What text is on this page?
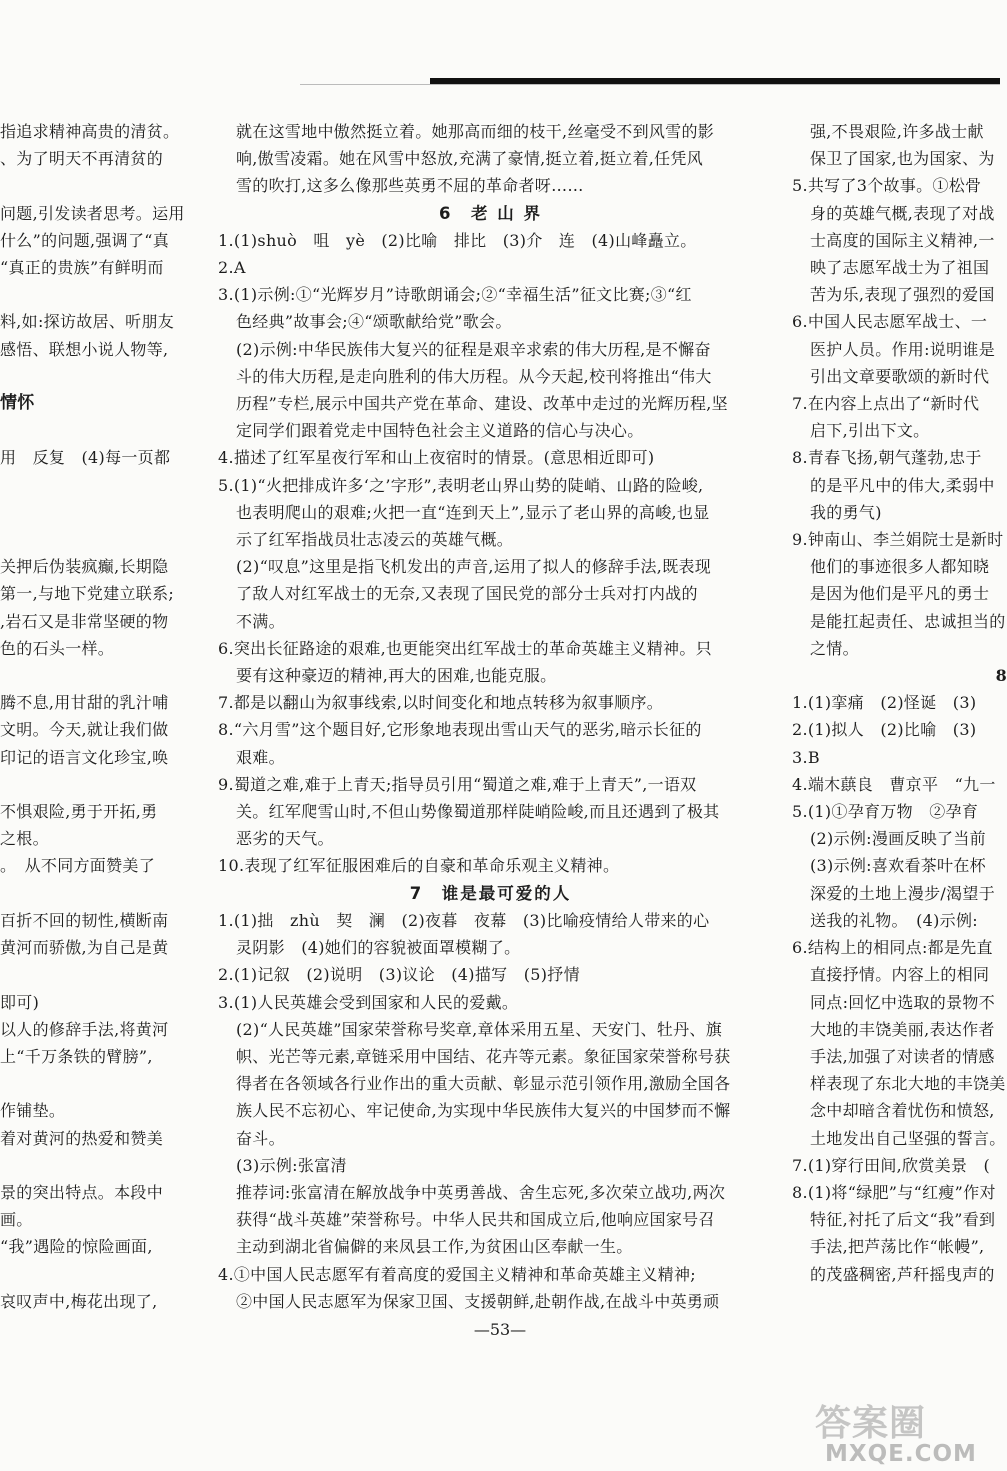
指追求精神高贵的清贫。
、为了明天不再清贫的

问题,引发读者思考。运用
什么”的问题,强调了“真
“真正的贵族”有鲜明而

料,如:探访故居、听朋友
感悟、联想小说人物等,

情怀

用　反复　(4)每一页都

关押后伪装疯癫,长期隐
第一,与地下党建立联系;
,岩石又是非常坚硬的物
色的石头一样。

腾不息,用甘甜的乳汁哺
文明。今天,就让我们做
印记的语言文化珍宝,唤

不惧艰险,勇于开拓,勇
之根。
。　从不同方面赞美了

百折不回的韧性,横断南
黄河而骄傲,为自己是黄

即可)
以人的修辞手法,将黄河
上“千万条铁的臂膀”,

作铺垫。
着对黄河的热爱和赞美

景的突出特点。本段中
画。
“我”遇险的惊险画面,

哀叹声中,梅花出现了,
就在这雪地中傲然挺立着。她那高而细的枝干,丝毫受不到风雪的影
响,傲雪凌霜。她在风雪中怒放,充满了豪情,挺立着,挺立着,任凭风
雪的吹打,这多么像那些英勇不屈的革命者呀……
6　老 山 界
1.(1)shuò　咀　yè　(2)比喻　排比　(3)介　连　(4)山峰矗立。
2.A
3.(1)示例:①“光辉岁月”诗歌朗诵会;②“幸福生活”征文比赛;③“红
色经典”故事会;④“颂歌献给党”歌会。
(2)示例:中华民族伟大复兴的征程是艰辛求索的伟大历程,是不懈奋
斗的伟大历程,是走向胜利的伟大历程。从今天起,校刊将推出“伟大
历程”专栏,展示中国共产党在革命、建设、改革中走过的光辉历程,坚
定同学们跟着党走中国特色社会主义道路的信心与决心。
4.描述了红军星夜行军和山上夜宿时的情景。(意思相近即可)
5.(1)“火把排成许多‘之’字形”,表明老山界山势的陡峭、山路的险峻,
也表明爬山的艰难;火把一直“连到天上”,显示了老山界的高峻,也显
示了红军指战员壮志凌云的英雄气概。
(2)“叹息”这里是指飞机发出的声音,运用了拟人的修辞手法,既表现
了敌人对红军战士的无奈,又表现了国民党的部分士兵对打内战的
不满。
6.突出长征路途的艰难,也更能突出红军战士的革命英雄主义精神。只
要有这种豪迈的精神,再大的困难,也能克服。
7.都是以翻山为叙事线索,以时间变化和地点转移为叙事顺序。
8.“六月雪”这个题目好,它形象地表现出雪山天气的恶劣,暗示长征的
艰难。
9.蜀道之难,难于上青天;指导员引用“蜀道之难,难于上青天”,一语双
关。红军爬雪山时,不但山势像蜀道那样陡峭险峻,而且还遇到了极其
恶劣的天气。
10.表现了红军征服困难后的自豪和革命乐观主义精神。
7　谁是最可爱的人
1.(1)拙　zhù　契　澜　(2)夜暮　夜幕　(3)比喻疫情给人带来的心
灵阴影　(4)她们的容貌被面罩模糊了。
2.(1)记叙　(2)说明　(3)议论　(4)描写　(5)抒情
3.(1)人民英雄会受到国家和人民的爱戴。
(2)“人民英雄”国家荣誉称号奖章,章体采用五星、天安门、牡丹、旗
帜、光芒等元素,章链采用中国结、花卉等元素。象征国家荣誉称号获
得者在各领域各行业作出的重大贡献、彰显示范引领作用,激励全国各
族人民不忘初心、牢记使命,为实现中华民族伟大复兴的中国梦而不懈
奋斗。
(3)示例:张富清
推荐词:张富清在解放战争中英勇善战、舍生忘死,多次荣立战功,两次
获得“战斗英雄”荣誉称号。中华人民共和国成立后,他响应国家号召
主动到湖北省偏僻的来凤县工作,为贫困山区奉献一生。
4.①中国人民志愿军有着高度的爱国主义精神和革命英雄主义精神;
②中国人民志愿军为保家卫国、支援朝鲜,赴朝作战,在战斗中英勇顽
强,不畏艰险,许多战士献
保卫了国家,也为国家、为
5.共写了3个故事。①松骨
身的英雄气概,表现了对战
士高度的国际主义精神,一
映了志愿军战士为了祖国
苦为乐,表现了强烈的爱国
6.中国人民志愿军战士、一
医护人员。作用:说明谁是
引出文章要歌颂的新时代
7.在内容上点出了“新时代
启下,引出下文。
8.青春飞扬,朝气蓬勃,忠于
的是平凡中的伟大,柔弱中
我的勇气)
9.钟南山、李兰娟院士是新时
他们的事迹很多人都知晓
是因为他们是平凡的勇士
是能扛起责任、忠诚担当的
之情。
8
1.(1)挛痛　(2)怪诞　(3)
2.(1)拟人　(2)比喻　(3)
3.B
4.端木蕻良　曹京平　“九一
5.(1)①孕育万物　②孕育
(2)示例:漫画反映了当前
(3)示例:喜欢看茶叶在杯
深爱的土地上漫步/渴望于
送我的礼物。　(4)示例:
6.结构上的相同点:都是先直
直接抒情。内容上的相同
同点:回忆中选取的景物不
大地的丰饶美丽,表达作者
手法,加强了对读者的情感
样表现了东北大地的丰饶美
念中却暗含着忧伤和愤怒,
土地发出自己坚强的誓言。
7.(1)穿行田间,欣赏美景　(
8.(1)将“绿肥”与“红瘦”作对
特征,衬托了后文“我”看到
手法,把芦荡比作“帐幔”,
的茂盛稠密,芦秆摇曳声的
—53—
答案圈
MXQE.COM
